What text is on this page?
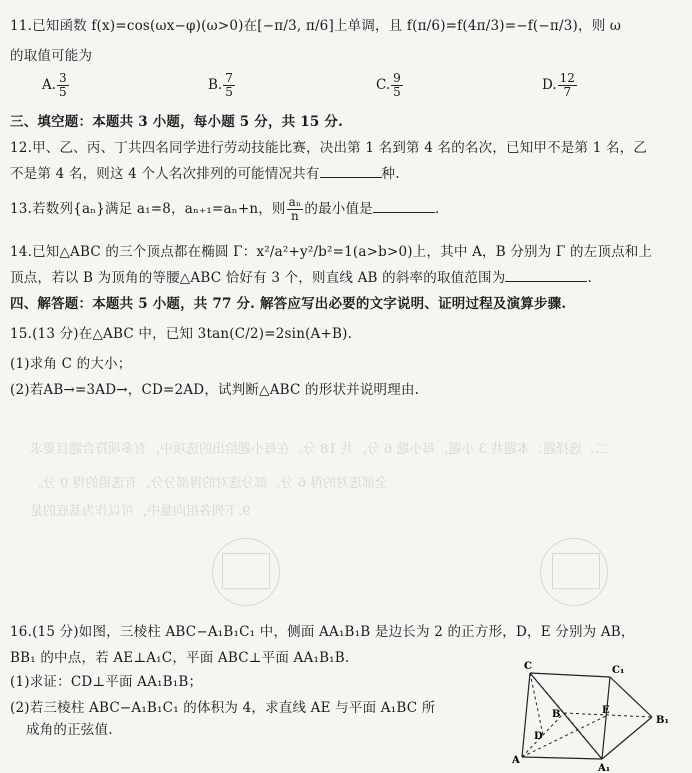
二、选择题：本题共 3 小题，每小题 6 分，共 18 分。在每小题给出的选项中，有多项符合题目要求
全部选对的得 6 分，部分选对的得部分分，有选错的得 0 分。
9.下列各组向量中，可以作为基底的是
11.已知函数 f(x)=cos(ωx−φ)(ω>0)在[−π/3, π/6]上单调，且 f(π/6)=f(4π/3)=−f(−π/3)，则 ω
的取值可能为
A. $\frac{3}{5}$	B. $\frac{7}{5}$	C. $\frac{9}{5}$	D. $\frac{12}{7}$
三、填空题：本题共 3 小题，每小题 5 分，共 15 分.
12.甲、乙、丙、丁共四名同学进行劳动技能比赛，决出第 1 名到第 4 名的名次，已知甲不是第 1 名，乙
不是第 4 名，则这 4 个人名次排列的可能情况共有	种.
13.若数列{aₙ}满足 a₁=8，aₙ₊₁=aₙ+n，则 $\frac{\text{aₙ}}{n}$ 的最小值是	.
14.已知△ABC 的三个顶点都在椭圆 Γ：x²/a²+y²/b²=1(a>b>0)上，其中 A，B 分别为 Γ 的左顶点和上
顶点，若以 B 为顶角的等腰△ABC 恰好有 3 个，则直线 AB 的斜率的取值范围为	.
四、解答题：本题共 5 小题，共 77 分. 解答应写出必要的文字说明、证明过程及演算步骤.
15.(13 分)在△ABC 中，已知 3tan(C/2)=2sin(A+B).
(1)求角 C 的大小；
(2)若AB→=3AD→，CD=2AD，试判断△ABC 的形状并说明理由.
16.(15 分)如图，三棱柱 ABC−A₁B₁C₁ 中，侧面 AA₁B₁B 是边长为 2 的正方形，D，E 分别为 AB，
BB₁ 的中点，若 AE⊥A₁C，平面 ABC⊥平面 AA₁B₁B.
(1)求证：CD⊥平面 AA₁B₁B；
(2)若三棱柱 ABC−A₁B₁C₁ 的体积为 4，求直线 AE 与平面 A₁BC 所
成角的正弦值.
C	C₁
B	E
B₁
D
A
A₁
